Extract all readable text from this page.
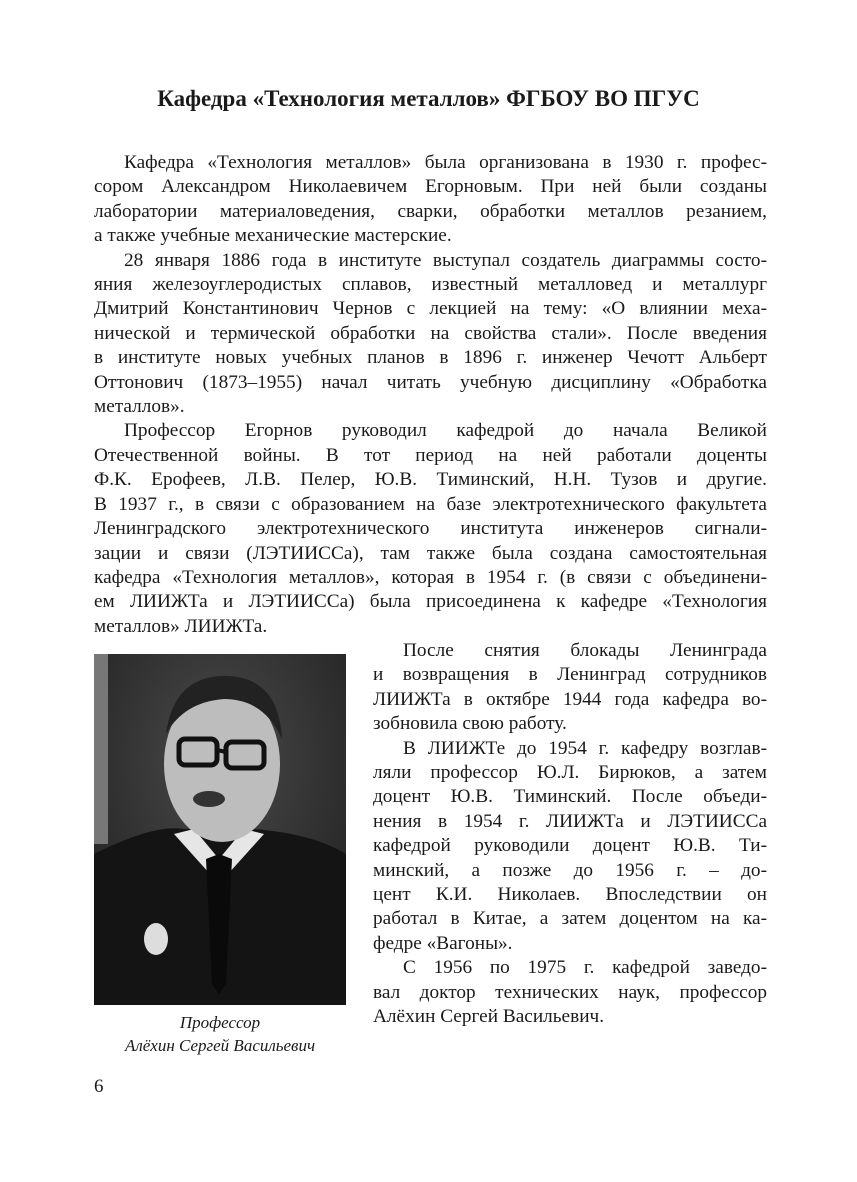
Кафедра «Технология металлов» ФГБОУ ВО ПГУС
Кафедра «Технология металлов» была организована в 1930 г. профес-
сором Александром Николаевичем Егорновым. При ней были созданы
лаборатории материаловедения, сварки, обработки металлов резанием,
а также учебные механические мастерские.
28 января 1886 года в институте выступал создатель диаграммы состо-
яния железоуглеродистых сплавов, известный металловед и металлург
Дмитрий Константинович Чернов с лекцией на тему: «О влиянии меха-
нической и термической обработки на свойства стали». После введения
в институте новых учебных планов в 1896 г. инженер Чечотт Альберт
Оттонович (1873–1955) начал читать учебную дисциплину «Обработка
металлов».
Профессор Егорнов руководил кафедрой до начала Великой
Отечественной войны. В тот период на ней работали доценты
Ф.К. Ерофеев, Л.В. Пелер, Ю.В. Тиминский, Н.Н. Тузов и другие.
В 1937 г., в связи с образованием на базе электротехнического факультета
Ленинградского электротехнического института инженеров сигнали-
зации и связи (ЛЭТИИССа), там также была создана самостоятельная
кафедра «Технология металлов», которая в 1954 г. (в связи с объединени-
ем ЛИИЖТа и ЛЭТИИССа) была присоединена к кафедре «Технология
металлов» ЛИИЖТа.
После снятия блокады Ленинграда
и возвращения в Ленинград сотрудников
ЛИИЖТа в октябре 1944 года кафедра во-
зобновила свою работу.
В ЛИИЖТе до 1954 г. кафедру возглав-
ляли профессор Ю.Л. Бирюков, а затем
доцент Ю.В. Тиминский. После объеди-
нения в 1954 г. ЛИИЖТа и ЛЭТИИССа
кафедрой руководили доцент Ю.В. Ти-
минский, а позже до 1956 г. – до-
цент К.И. Николаев. Впоследствии он
работал в Китае, а затем доцентом на ка-
федре «Вагоны».
С 1956 по 1975 г. кафедрой заведо-
вал доктор технических наук, профессор
Алёхин Сергей Васильевич.
Профессор
Алёхин Сергей Васильевич
6
